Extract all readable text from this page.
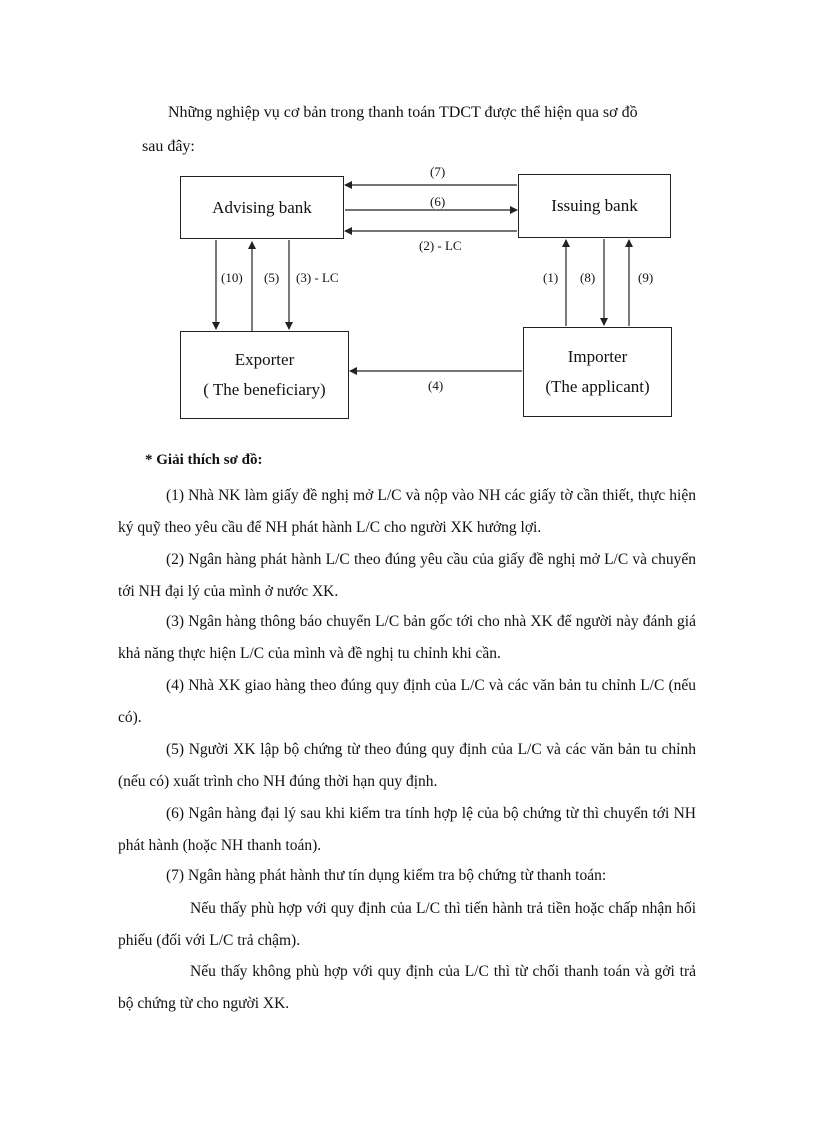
Những nghiệp vụ cơ bản trong thanh toán TDCT được thể hiện qua sơ đồ
sau đây:
Advising bank	Issuing bank
Exporter
( The beneficiary)
Importer
(The applicant)
(7)
(6)
(2) - LC
(10) (5) (3) - LC	(1) (8)	(9)
(4)
* Giải thích sơ đồ:
(1) Nhà NK làm giấy đề nghị mở L/C và nộp vào NH các giấy tờ cần thiết, thực hiện ký quỹ theo yêu cầu để NH phát hành L/C cho người XK hưởng lợi.
(2) Ngân hàng phát hành L/C theo đúng yêu cầu của giấy đề nghị mở L/C và chuyển tới NH đại lý của mình ở nước XK.
(3) Ngân hàng thông báo chuyển L/C bản gốc tới cho nhà XK để người này đánh giá khả năng thực hiện L/C của mình và đề nghị tu chỉnh khi cần.
(4) Nhà XK giao hàng theo đúng quy định của L/C và các văn bản tu chỉnh L/C (nếu có).
(5) Người XK lập bộ chứng từ theo đúng quy định của L/C và các văn bản tu chỉnh (nếu có) xuất trình cho NH đúng thời hạn quy định.
(6) Ngân hàng đại lý sau khi kiểm tra tính hợp lệ của bộ chứng từ thì chuyển tới NH phát hành (hoặc NH thanh toán).
(7) Ngân hàng phát hành thư tín dụng kiểm tra bộ chứng từ thanh toán:
Nếu thấy phù hợp với quy định của L/C thì tiến hành trả tiền hoặc chấp nhận hối phiếu (đối với L/C trả chậm).
Nếu thấy không phù hợp với quy định của L/C thì từ chối thanh toán và gởi trả bộ chứng từ cho người XK.
